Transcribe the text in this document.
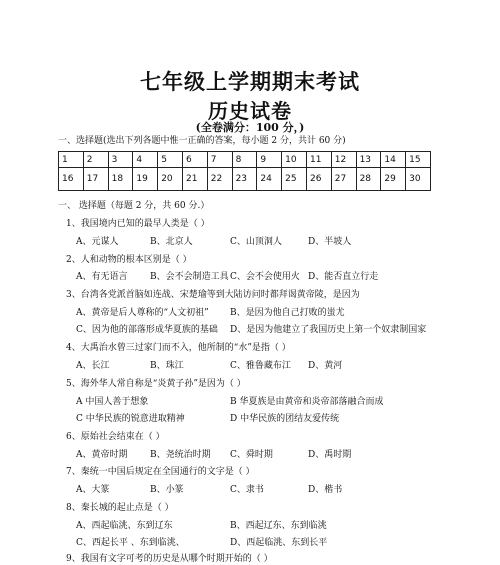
七年级上学期期末考试
历史试卷
(全卷满分：100 分，)
一、选择题(选出下列各题中惟一正确的答案，每小题 2 分，共计 60 分)
1	2	3	4	5	6	7	8	9	10	11	12	13	14	15
16	17	18	19	20	21	22	23	24	25	26	27	28	29	30
一、 选择题（每题 2 分，共 60 分.）
1、我国境内已知的最早人类是（ ）
A、元谋人	B、北京人	C、山顶洞人	D、半坡人
2、人和动物的根本区别是（ ）
A、有无语言	B、会不会制造工具C、会不会使用火 D、能否直立行走
3、台湾各党派首脑如连战、宋楚瑜等到大陆访问时都拜谒黄帝陵，是因为
A、黄帝是后人尊称的“人文初祖” B、是因为他自己打败的蚩尤
C、因为他的部落形成华夏族的基础 D、是因为他建立了我国历史上第一个奴隶制国家
4、大禹治水曾三过家门而不入，他所制的“水”是指（ ）
A、长江	B、珠江	C、雅鲁藏布江 D、黄河
5、海外华人常自称是“炎黄子孙”是因为（ ）
A 中国人善于想象	B 华夏族是由黄帝和炎帝部落融合而成
C 中华民族的锐意进取精神	D 中华民族的团结友爱传统
6、原始社会结束在（ ）
A、黄帝时期	B、尧统治时期 C、舜时期	D、禹时期
7、秦统一中国后规定在全国通行的文字是（ ）
A、大篆	B、小篆	C、隶书	D、楷书
8、秦长城的起止点是（ ）
A、西起临洮、东到辽东	B、西起辽东、东到临洮
C、西起长平 、东到临洮、	D、西起临洮、东到长平
9、我国有文字可考的历史是从哪个时期开始的（ ）
